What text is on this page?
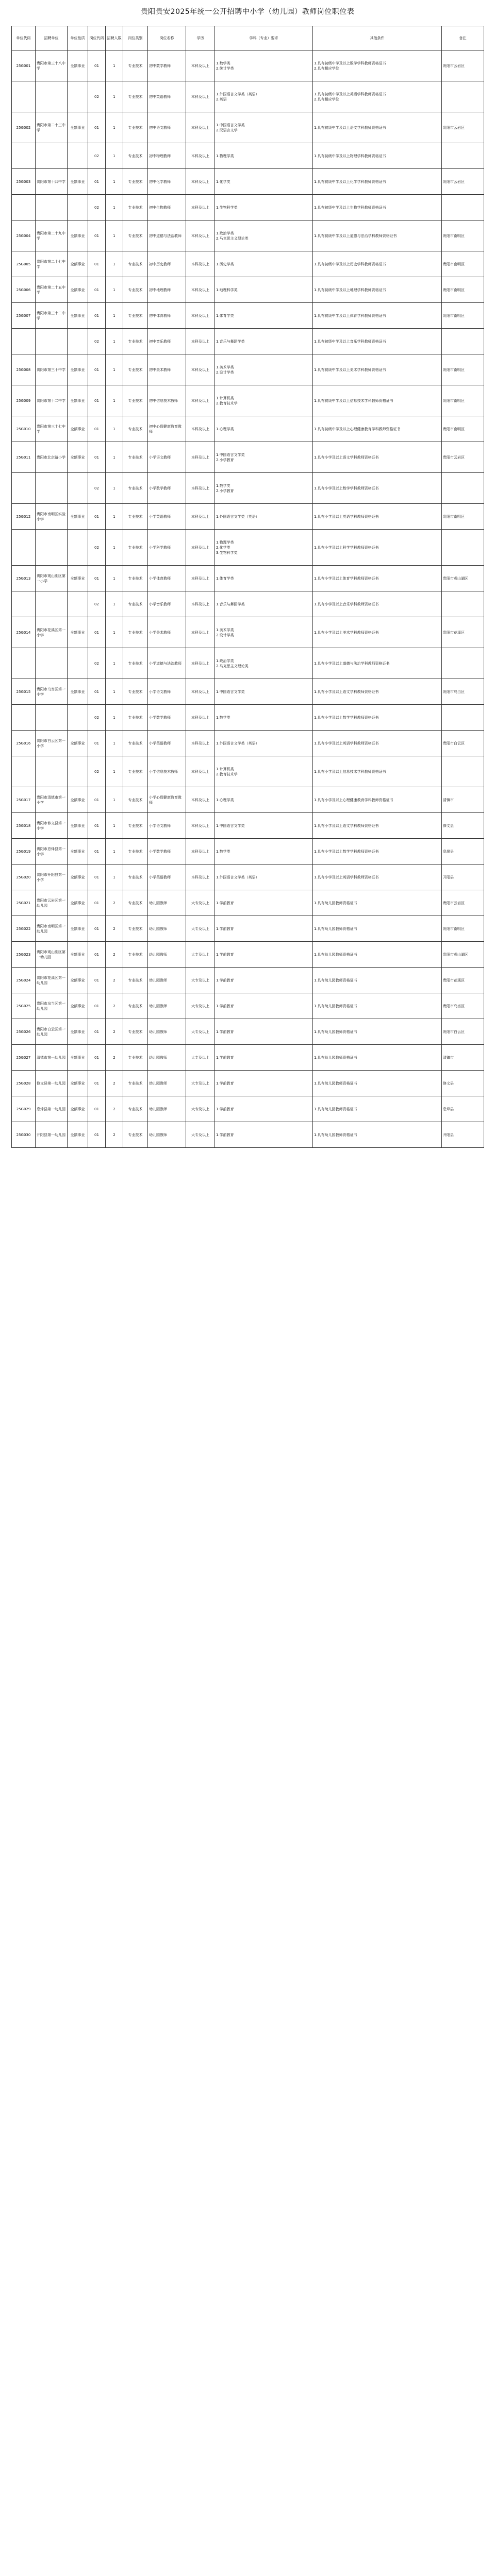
贵阳贵安2025年统一公开招聘中小学（幼儿园）教师岗位职位表
单位代码	招聘单位	单位性质	岗位代码	招聘人数	岗位类别	岗位名称	学历	学科（专业）要求	其他条件	备注
25G001	贵阳市第三十八中学	全额事业	01	1	专业技术	初中数学教师	本科及以上	1.数学类
2.统计学类	1.具有初级中学及以上数学学科教师资格证书
2.具有相应学位	贵阳市云岩区
			02	1	专业技术	初中英语教师	本科及以上	1.外国语言文学类（英语）
2.英语	1.具有初级中学及以上英语学科教师资格证书
2.具有相应学位	
25G002	贵阳市第二十三中学	全额事业	01	1	专业技术	初中语文教师	本科及以上	1.中国语言文学类
2.汉语言文学	1.具有初级中学及以上语文学科教师资格证书	贵阳市云岩区
			02	1	专业技术	初中物理教师	本科及以上	1.物理学类	1.具有初级中学及以上物理学科教师资格证书	
25G003	贵阳市第十四中学	全额事业	01	1	专业技术	初中化学教师	本科及以上	1.化学类	1.具有初级中学及以上化学学科教师资格证书	贵阳市云岩区
			02	1	专业技术	初中生物教师	本科及以上	1.生物科学类	1.具有初级中学及以上生物学科教师资格证书	
25G004	贵阳市第二十九中学	全额事业	01	1	专业技术	初中道德与法治教师	本科及以上	1.政治学类
2.马克思主义理论类	1.具有初级中学及以上道德与法治学科教师资格证书	贵阳市南明区
25G005	贵阳市第二十七中学	全额事业	01	1	专业技术	初中历史教师	本科及以上	1.历史学类	1.具有初级中学及以上历史学科教师资格证书	贵阳市南明区
25G006	贵阳市第二十五中学	全额事业	01	1	专业技术	初中地理教师	本科及以上	1.地理科学类	1.具有初级中学及以上地理学科教师资格证书	贵阳市南明区
25G007	贵阳市第三十二中学	全额事业	01	1	专业技术	初中体育教师	本科及以上	1.体育学类	1.具有初级中学及以上体育学科教师资格证书	贵阳市南明区
			02	1	专业技术	初中音乐教师	本科及以上	1.音乐与舞蹈学类	1.具有初级中学及以上音乐学科教师资格证书	
25G008	贵阳市第三十中学	全额事业	01	1	专业技术	初中美术教师	本科及以上	1.美术学类
2.设计学类	1.具有初级中学及以上美术学科教师资格证书	贵阳市南明区
25G009	贵阳市第十二中学	全额事业	01	1	专业技术	初中信息技术教师	本科及以上	1.计算机类
2.教育技术学	1.具有初级中学及以上信息技术学科教师资格证书	贵阳市南明区
25G010	贵阳市第三十七中学	全额事业	01	1	专业技术	初中心理健康教育教师	本科及以上	1.心理学类	1.具有初级中学及以上心理健康教育学科教师资格证书	贵阳市南明区
25G011	贵阳市北京路小学	全额事业	01	1	专业技术	小学语文教师	本科及以上	1.中国语言文学类
2.小学教育	1.具有小学及以上语文学科教师资格证书	贵阳市云岩区
			02	1	专业技术	小学数学教师	本科及以上	1.数学类
2.小学教育	1.具有小学及以上数学学科教师资格证书	
25G012	贵阳市南明区实验小学	全额事业	01	1	专业技术	小学英语教师	本科及以上	1.外国语言文学类（英语）	1.具有小学及以上英语学科教师资格证书	贵阳市南明区
			02	1	专业技术	小学科学教师	本科及以上	1.物理学类
2.化学类
3.生物科学类	1.具有小学及以上科学学科教师资格证书	
25G013	贵阳市观山湖区第一小学	全额事业	01	1	专业技术	小学体育教师	本科及以上	1.体育学类	1.具有小学及以上体育学科教师资格证书	贵阳市观山湖区
			02	1	专业技术	小学音乐教师	本科及以上	1.音乐与舞蹈学类	1.具有小学及以上音乐学科教师资格证书	
25G014	贵阳市花溪区第一小学	全额事业	01	1	专业技术	小学美术教师	本科及以上	1.美术学类
2.设计学类	1.具有小学及以上美术学科教师资格证书	贵阳市花溪区
			02	1	专业技术	小学道德与法治教师	本科及以上	1.政治学类
2.马克思主义理论类	1.具有小学及以上道德与法治学科教师资格证书	
25G015	贵阳市乌当区第一小学	全额事业	01	1	专业技术	小学语文教师	本科及以上	1.中国语言文学类	1.具有小学及以上语文学科教师资格证书	贵阳市乌当区
			02	1	专业技术	小学数学教师	本科及以上	1.数学类	1.具有小学及以上数学学科教师资格证书	
25G016	贵阳市白云区第一小学	全额事业	01	1	专业技术	小学英语教师	本科及以上	1.外国语言文学类（英语）	1.具有小学及以上英语学科教师资格证书	贵阳市白云区
			02	1	专业技术	小学信息技术教师	本科及以上	1.计算机类
2.教育技术学	1.具有小学及以上信息技术学科教师资格证书	
25G017	贵阳市清镇市第一小学	全额事业	01	1	专业技术	小学心理健康教育教师	本科及以上	1.心理学类	1.具有小学及以上心理健康教育学科教师资格证书	清镇市
25G018	贵阳市修文县第一小学	全额事业	01	1	专业技术	小学语文教师	本科及以上	1.中国语言文学类	1.具有小学及以上语文学科教师资格证书	修文县
25G019	贵阳市息烽县第一小学	全额事业	01	1	专业技术	小学数学教师	本科及以上	1.数学类	1.具有小学及以上数学学科教师资格证书	息烽县
25G020	贵阳市开阳县第一小学	全额事业	01	1	专业技术	小学英语教师	本科及以上	1.外国语言文学类（英语）	1.具有小学及以上英语学科教师资格证书	开阳县
25G021	贵阳市云岩区第一幼儿园	全额事业	01	2	专业技术	幼儿园教师	大专及以上	1.学前教育	1.具有幼儿园教师资格证书	贵阳市云岩区
25G022	贵阳市南明区第一幼儿园	全额事业	01	2	专业技术	幼儿园教师	大专及以上	1.学前教育	1.具有幼儿园教师资格证书	贵阳市南明区
25G023	贵阳市观山湖区第一幼儿园	全额事业	01	2	专业技术	幼儿园教师	大专及以上	1.学前教育	1.具有幼儿园教师资格证书	贵阳市观山湖区
25G024	贵阳市花溪区第一幼儿园	全额事业	01	2	专业技术	幼儿园教师	大专及以上	1.学前教育	1.具有幼儿园教师资格证书	贵阳市花溪区
25G025	贵阳市乌当区第一幼儿园	全额事业	01	2	专业技术	幼儿园教师	大专及以上	1.学前教育	1.具有幼儿园教师资格证书	贵阳市乌当区
25G026	贵阳市白云区第一幼儿园	全额事业	01	2	专业技术	幼儿园教师	大专及以上	1.学前教育	1.具有幼儿园教师资格证书	贵阳市白云区
25G027	清镇市第一幼儿园	全额事业	01	2	专业技术	幼儿园教师	大专及以上	1.学前教育	1.具有幼儿园教师资格证书	清镇市
25G028	修文县第一幼儿园	全额事业	01	2	专业技术	幼儿园教师	大专及以上	1.学前教育	1.具有幼儿园教师资格证书	修文县
25G029	息烽县第一幼儿园	全额事业	01	2	专业技术	幼儿园教师	大专及以上	1.学前教育	1.具有幼儿园教师资格证书	息烽县
25G030	开阳县第一幼儿园	全额事业	01	2	专业技术	幼儿园教师	大专及以上	1.学前教育	1.具有幼儿园教师资格证书	开阳县
